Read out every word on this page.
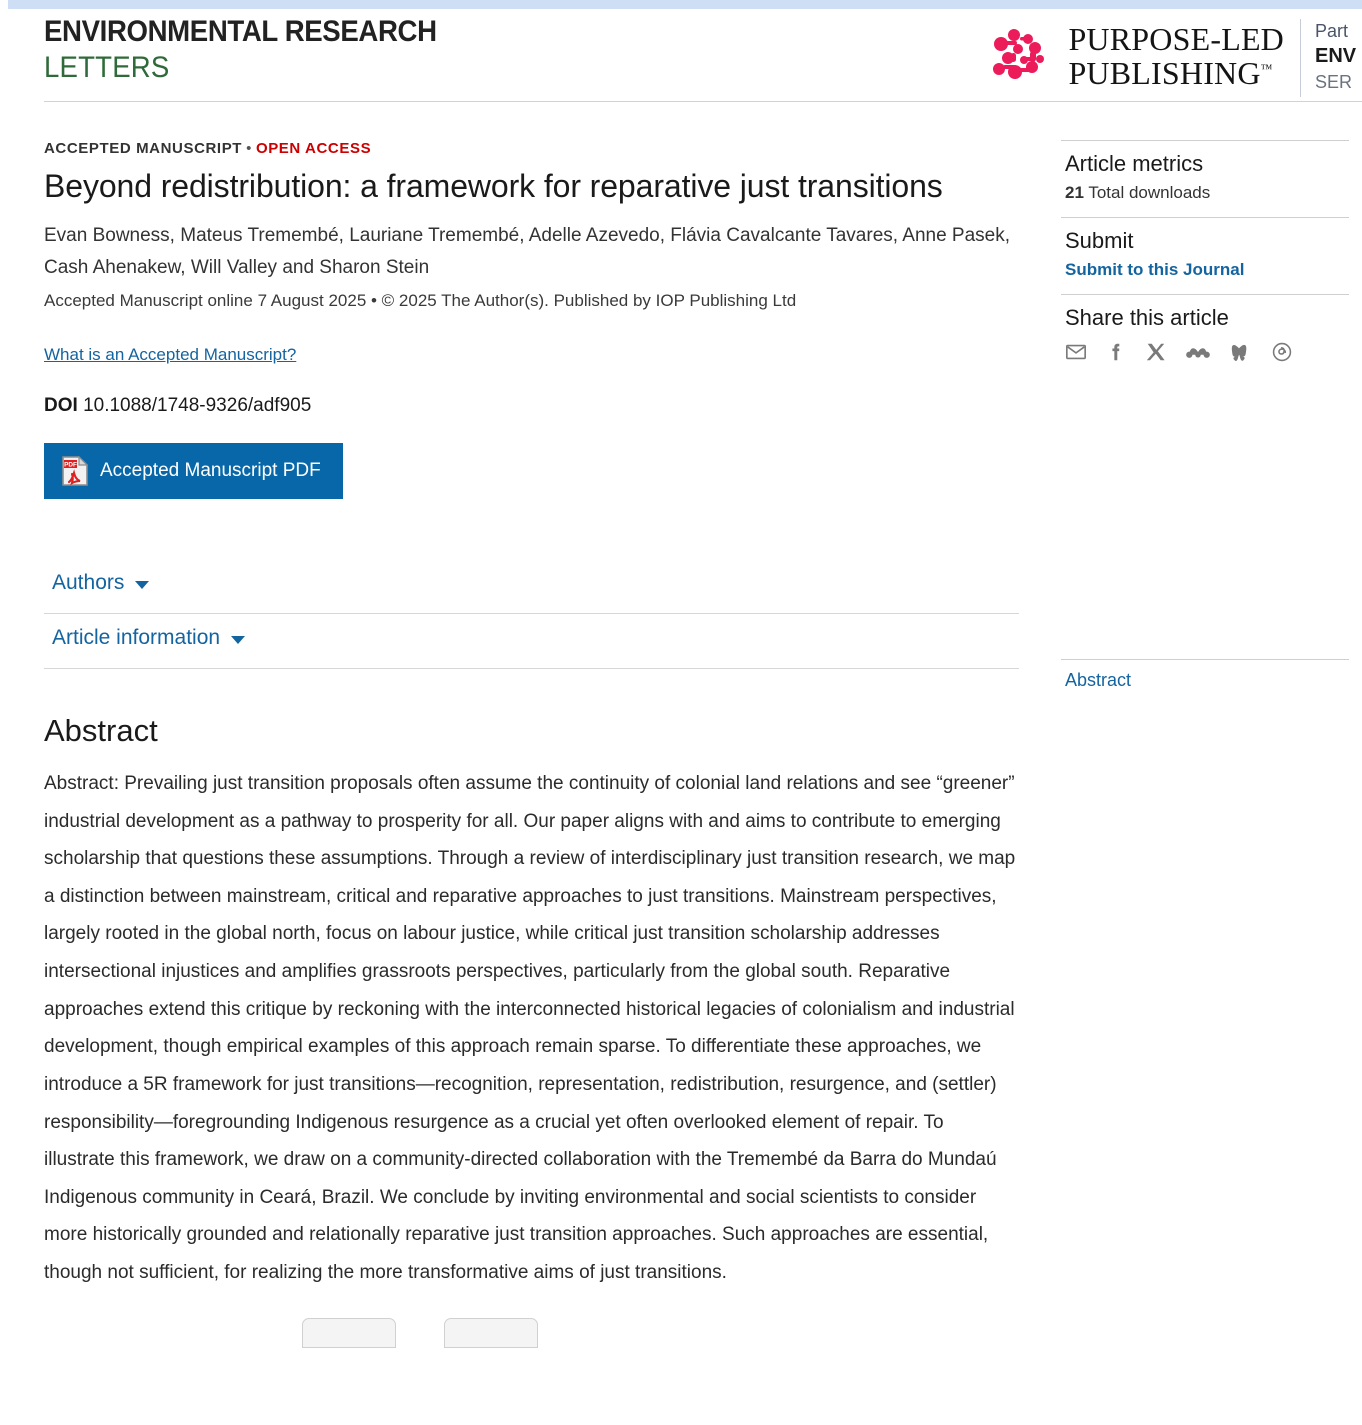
ENVIRONMENTAL RESEARCH
LETTERS
PURPOSE-LED
PUBLISHING™
Part
ENV
SER
ACCEPTED MANUSCRIPT • OPEN ACCESS
Beyond redistribution: a framework for reparative just transitions

Evan Bowness, Mateus Tremembé, Lauriane Tremembé, Adelle Azevedo, Flávia Cavalcante Tavares, Anne Pasek, Cash Ahenakew, Will Valley and Sharon Stein

Accepted Manuscript online 7 August 2025 • © 2025 The Author(s). Published by IOP Publishing Ltd

What is an Accepted Manuscript?
DOI 10.1088/1748-9326/adf905
PDF Accepted Manuscript PDF
Authors
Article information
Abstract

Abstract: Prevailing just transition proposals often assume the continuity of colonial land relations and see “greener” industrial development as a pathway to prosperity for all. Our paper aligns with and aims to contribute to emerging scholarship that questions these assumptions. Through a review of interdisciplinary just transition research, we map a distinction between mainstream, critical and reparative approaches to just transitions. Mainstream perspectives, largely rooted in the global north, focus on labour justice, while critical just transition scholarship addresses intersectional injustices and amplifies grassroots perspectives, particularly from the global south. Reparative approaches extend this critique by reckoning with the interconnected historical legacies of colonialism and industrial development, though empirical examples of this approach remain sparse. To differentiate these approaches, we introduce a 5R framework for just transitions—recognition, representation, redistribution, resurgence, and (settler) responsibility—foregrounding Indigenous resurgence as a crucial yet often overlooked element of repair. To illustrate this framework, we draw on a community-directed collaboration with the Tremembé da Barra do Mundaú Indigenous community in Ceará, Brazil. We conclude by inviting environmental and social scientists to consider more historically grounded and relationally reparative just transition approaches. Such approaches are essential, though not sufficient, for realizing the more transformative aims of just transitions.

Article metrics

21 Total downloads

Submit
Submit to this Journal
Share this article
Abstract
